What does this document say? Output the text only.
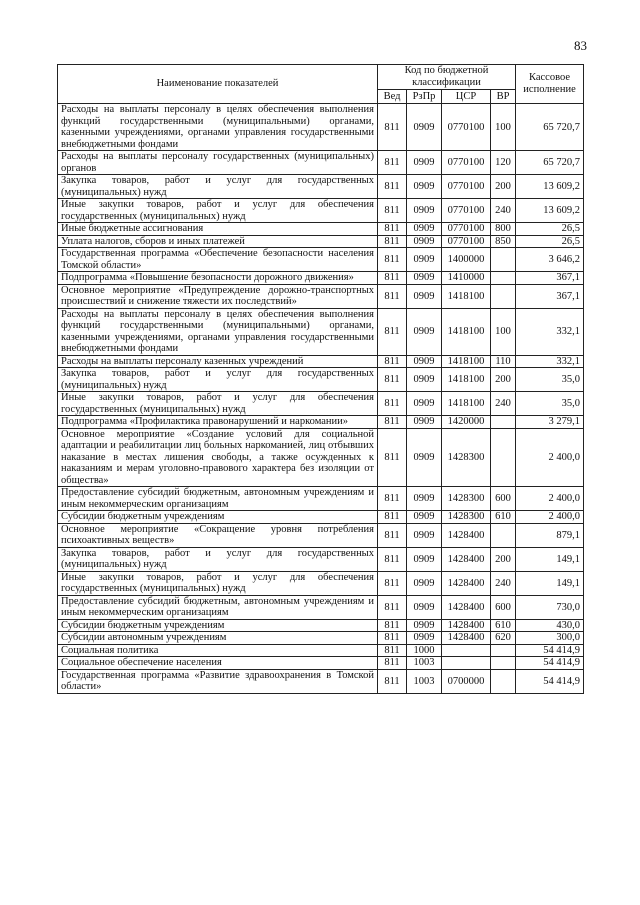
83
Наименование показателей	Код по бюджетной классификации				Кассовое исполнение
	Вед	РзПр	ЦСР	ВР	
Расходы на выплаты персоналу в целях обеспечения выполнения функций государственными (муниципальными) органами, казенными учреждениями, органами управления государственными внебюджетными фондами	811	0909	0770100	100	65 720,7
Расходы на выплаты персоналу государственных (муниципальных) органов	811	0909	0770100	120	65 720,7
Закупка товаров, работ и услуг для государственных (муниципальных) нужд	811	0909	0770100	200	13 609,2
Иные закупки товаров, работ и услуг для обеспечения государственных (муниципальных) нужд	811	0909	0770100	240	13 609,2
Иные бюджетные ассигнования	811	0909	0770100	800	26,5
Уплата налогов, сборов и иных платежей	811	0909	0770100	850	26,5
Государственная программа «Обеспечение безопасности населения Томской области»	811	0909	1400000		3 646,2
Подпрограмма «Повышение безопасности дорожного движения»	811	0909	1410000		367,1
Основное мероприятие «Предупреждение дорожно-транспортных происшествий и снижение тяжести их последствий»	811	0909	1418100		367,1
Расходы на выплаты персоналу в целях обеспечения выполнения функций государственными (муниципальными) органами, казенными учреждениями, органами управления государственными внебюджетными фондами	811	0909	1418100	100	332,1
Расходы на выплаты персоналу казенных учреждений	811	0909	1418100	110	332,1
Закупка товаров, работ и услуг для государственных (муниципальных) нужд	811	0909	1418100	200	35,0
Иные закупки товаров, работ и услуг для обеспечения государственных (муниципальных) нужд	811	0909	1418100	240	35,0
Подпрограмма «Профилактика правонарушений и наркомании»	811	0909	1420000		3 279,1
Основное мероприятие «Создание условий для социальной адаптации и реабилитации лиц больных наркоманией, лиц отбывших наказание в местах лишения свободы, а также осужденных к наказаниям и мерам уголовно-правового характера без изоляции от общества»	811	0909	1428300		2 400,0
Предоставление субсидий бюджетным, автономным учреждениям и иным некоммерческим организациям	811	0909	1428300	600	2 400,0
Субсидии бюджетным учреждениям	811	0909	1428300	610	2 400,0
Основное мероприятие «Сокращение уровня потребления психоактивных веществ»	811	0909	1428400		879,1
Закупка товаров, работ и услуг для государственных (муниципальных) нужд	811	0909	1428400	200	149,1
Иные закупки товаров, работ и услуг для обеспечения государственных (муниципальных) нужд	811	0909	1428400	240	149,1
Предоставление субсидий бюджетным, автономным учреждениям и иным некоммерческим организациям	811	0909	1428400	600	730,0
Субсидии бюджетным учреждениям	811	0909	1428400	610	430,0
Субсидии автономным учреждениям	811	0909	1428400	620	300,0
Социальная политика	811	1000			54 414,9
Социальное обеспечение населения	811	1003			54 414,9
Государственная программа «Развитие здравоохранения в Томской области»	811	1003	0700000		54 414,9
